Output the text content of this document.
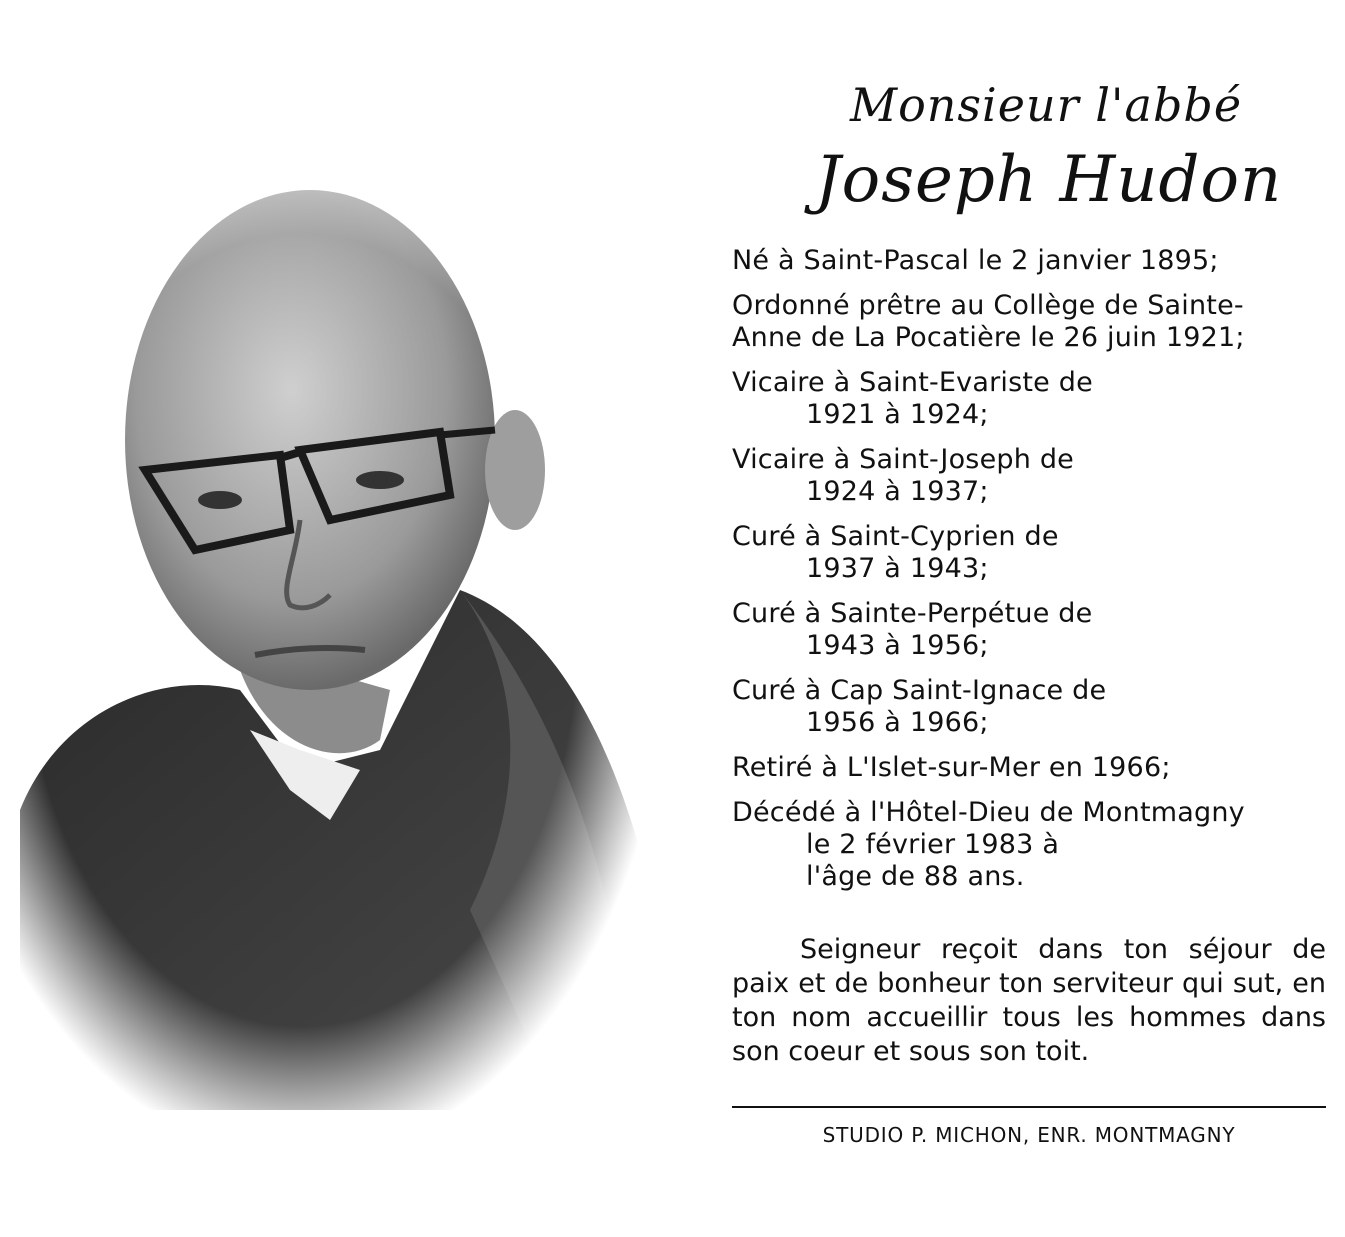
Monsieur l'abbé
Joseph Hudon
Né à Saint-Pascal le 2 janvier 1895;
Ordonné prêtre au Collège de Sainte-
Anne de La Pocatière le 26 juin 1921;
Vicaire à Saint-Evariste de
1921 à 1924;
Vicaire à Saint-Joseph de
1924 à 1937;
Curé à Saint-Cyprien de
1937 à 1943;
Curé à Sainte-Perpétue de
1943 à 1956;
Curé à Cap Saint-Ignace de
1956 à 1966;
Retiré à L'Islet-sur-Mer en 1966;
Décédé à l'Hôtel-Dieu de Montmagny
le 2 février 1983 à
l'âge de 88 ans.
Seigneur reçoit dans ton séjour de paix et de bonheur ton serviteur qui sut, en ton nom accueillir tous les hommes dans son coeur et sous son toit.
STUDIO P. MICHON, ENR. MONTMAGNY
